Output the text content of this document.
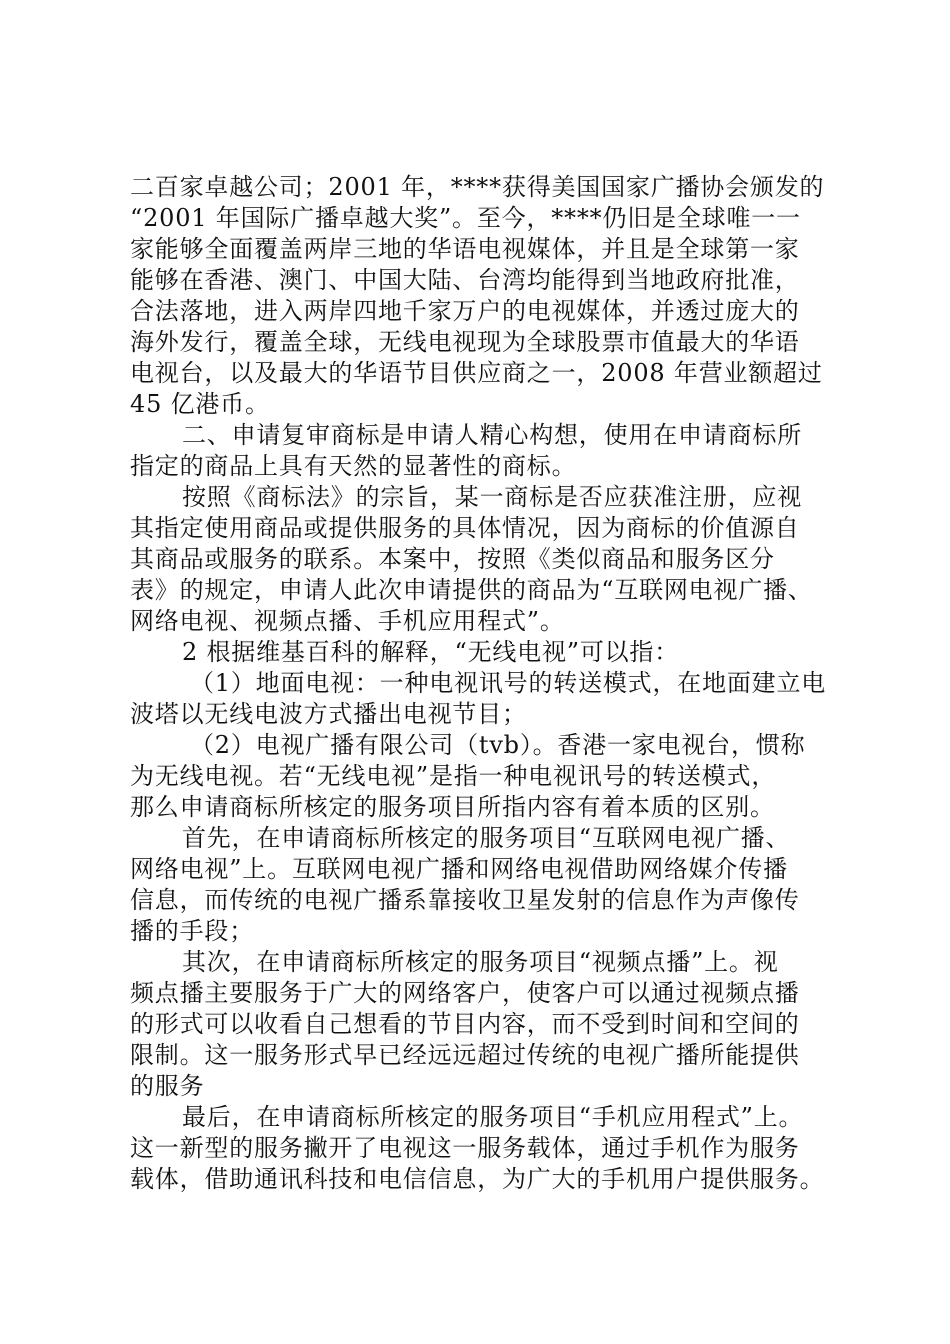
二百家卓越公司；2001 年，****获得美国国家广播协会颁发的
“2001 年国际广播卓越大奖”。至今，****仍旧是全球唯一一
家能够全面覆盖两岸三地的华语电视媒体，并且是全球第一家
能够在香港、澳门、中国大陆、台湾均能得到当地政府批准，
合法落地，进入两岸四地千家万户的电视媒体，并透过庞大的
海外发行，覆盖全球，无线电视现为全球股票市值最大的华语
电视台，以及最大的华语节目供应商之一，2008 年营业额超过
45 亿港币。
二、申请复审商标是申请人精心构想，使用在申请商标所
指定的商品上具有天然的显著性的商标。
按照《商标法》的宗旨，某一商标是否应获准注册，应视
其指定使用商品或提供服务的具体情况，因为商标的价值源自
其商品或服务的联系。本案中，按照《类似商品和服务区分
表》的规定，申请人此次申请提供的商品为“互联网电视广播、
网络电视、视频点播、手机应用程式”。
2 根据维基百科的解释，“无线电视”可以指：
（1）地面电视：一种电视讯号的转送模式，在地面建立电
波塔以无线电波方式播出电视节目；
（2）电视广播有限公司（tvb）。香港一家电视台，惯称
为无线电视。若“无线电视”是指一种电视讯号的转送模式，
那么申请商标所核定的服务项目所指内容有着本质的区别。
首先，在申请商标所核定的服务项目“互联网电视广播、
网络电视”上。互联网电视广播和网络电视借助网络媒介传播
信息，而传统的电视广播系靠接收卫星发射的信息作为声像传
播的手段；
其次，在申请商标所核定的服务项目“视频点播”上。视
频点播主要服务于广大的网络客户，使客户可以通过视频点播
的形式可以收看自己想看的节目内容，而不受到时间和空间的
限制。这一服务形式早已经远远超过传统的电视广播所能提供
的服务
最后，在申请商标所核定的服务项目“手机应用程式”上。
这一新型的服务撇开了电视这一服务载体，通过手机作为服务
载体，借助通讯科技和电信信息，为广大的手机用户提供服务。
